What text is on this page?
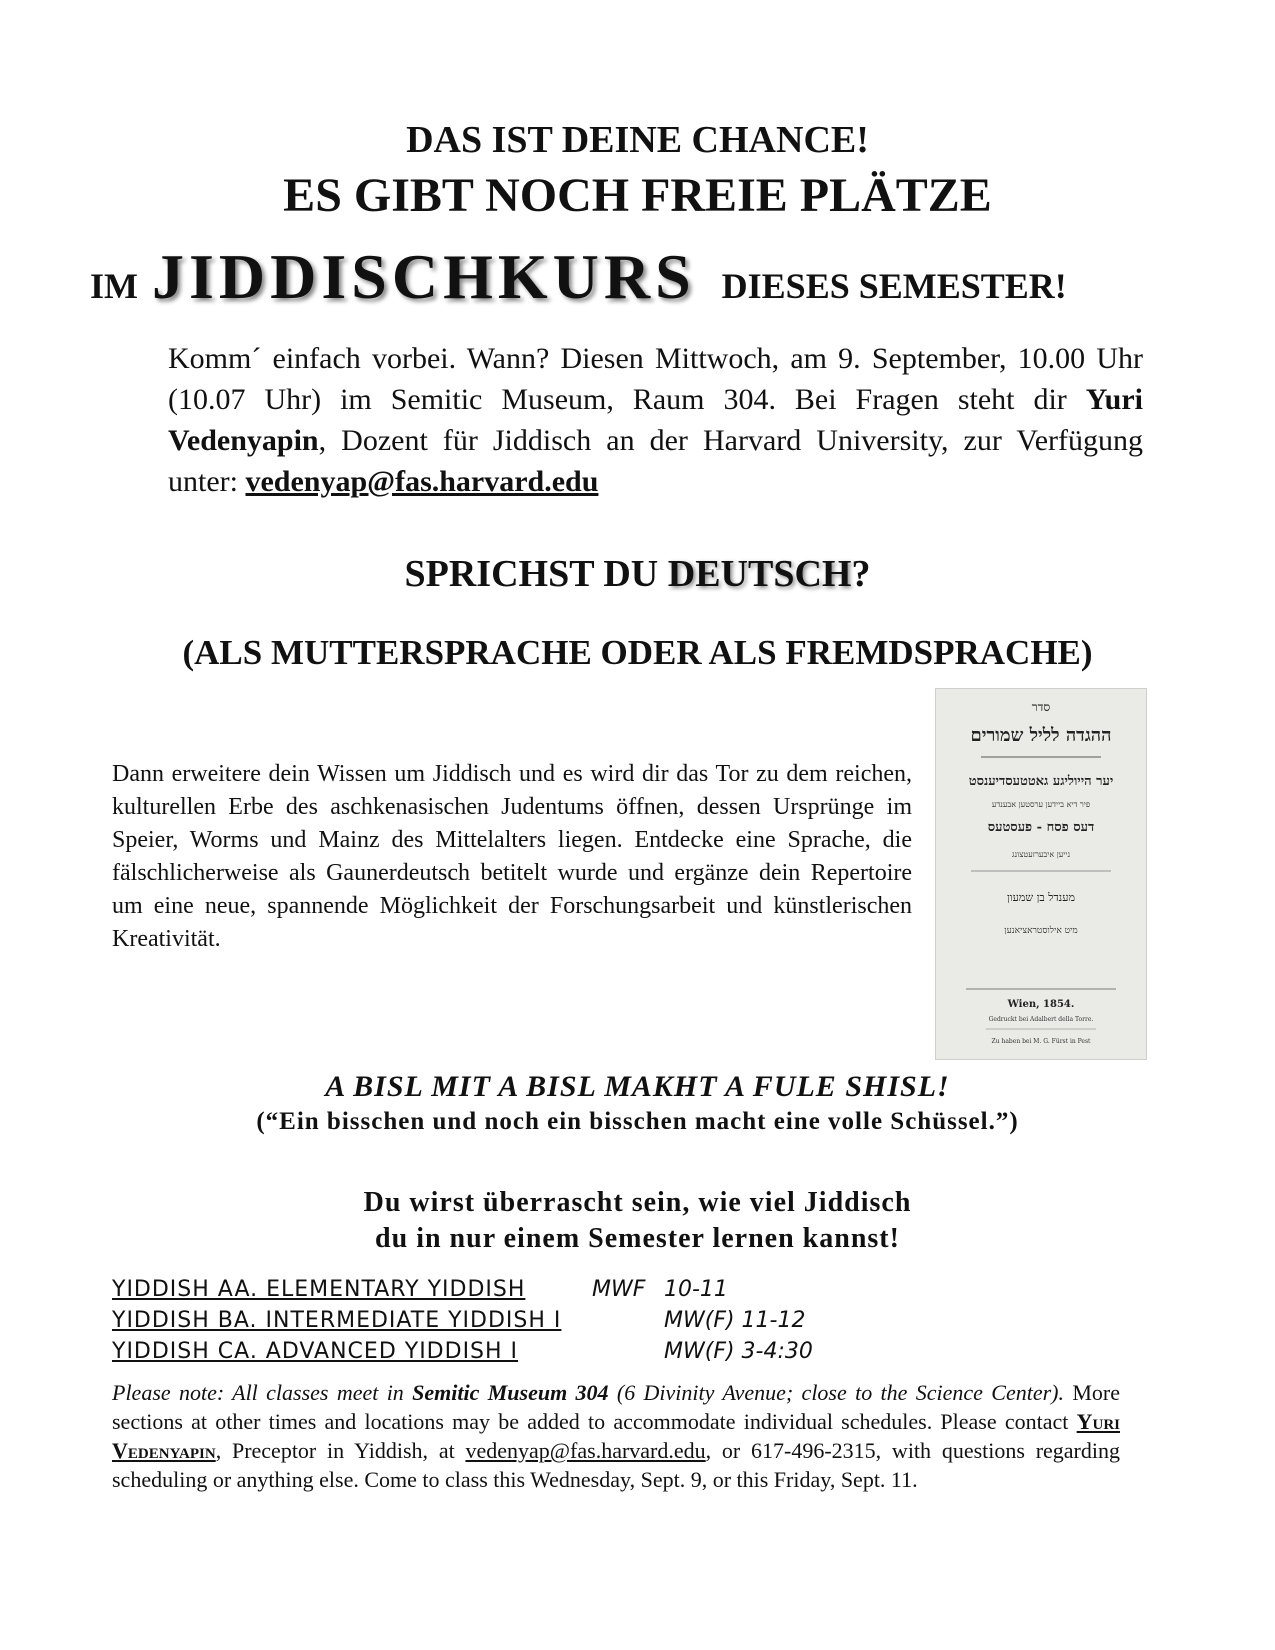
DAS IST DEINE CHANCE!
ES GIBT NOCH FREIE PLÄTZE
IM JIDDISCHKURS DIESES SEMESTER!
Komm´ einfach vorbei. Wann? Diesen Mittwoch, am 9. September, 10.00 Uhr (10.07 Uhr) im Semitic Museum, Raum 304. Bei Fragen steht dir Yuri Vedenyapin, Dozent für Jiddisch an der Harvard University, zur Verfügung unter: vedenyap@fas.harvard.edu
SPRICHST DU DEUTSCH?
(ALS MUTTERSPRACHE ODER ALS FREMDSPRACHE)
Dann erweitere dein Wissen um Jiddisch und es wird dir das Tor zu dem reichen, kulturellen Erbe des aschkenasischen Judentums öffnen, dessen Ursprünge im Speier, Worms und Mainz des Mittelalters liegen. Entdecke eine Sprache, die fälschlicherweise als Gaunerdeutsch betitelt wurde und ergänze dein Repertoire um eine neue, spannende Möglichkeit der Forschungsarbeit und künstlerischen Kreativität.
סדר
ההגדה לליל שמורים
יער הייוליגע גאטטעסדיענסט
פיר דיא ביידען ערסטען אבענדע
דעס פסח - פעסטעס
נייען איבערזעטצונג
מענדל בן שמעון
מיט אילוסטראציאנען
Wien, 1854.
Gedruckt bei Adalbert della Torre.
Zu haben bei M. G. Fürst in Pest
A BISL MIT A BISL MAKHT A FULE SHISL!
(“Ein bisschen und noch ein bisschen macht eine volle Schüssel.”)
Du wirst überrascht sein, wie viel Jiddisch
du in nur einem Semester lernen kannst!
YIDDISH AA. ELEMENTARY YIDDISH	MWF 10-11
YIDDISH BA. INTERMEDIATE YIDDISH I	MW(F) 11-12
YIDDISH CA. ADVANCED YIDDISH I	MW(F) 3-4:30
Please note: All classes meet in Semitic Museum 304 (6 Divinity Avenue; close to the Science Center). More sections at other times and locations may be added to accommodate individual schedules. Please contact Yuri Vedenyapin, Preceptor in Yiddish, at vedenyap@fas.harvard.edu, or 617-496-2315, with questions regarding scheduling or anything else. Come to class this Wednesday, Sept. 9, or this Friday, Sept. 11.
